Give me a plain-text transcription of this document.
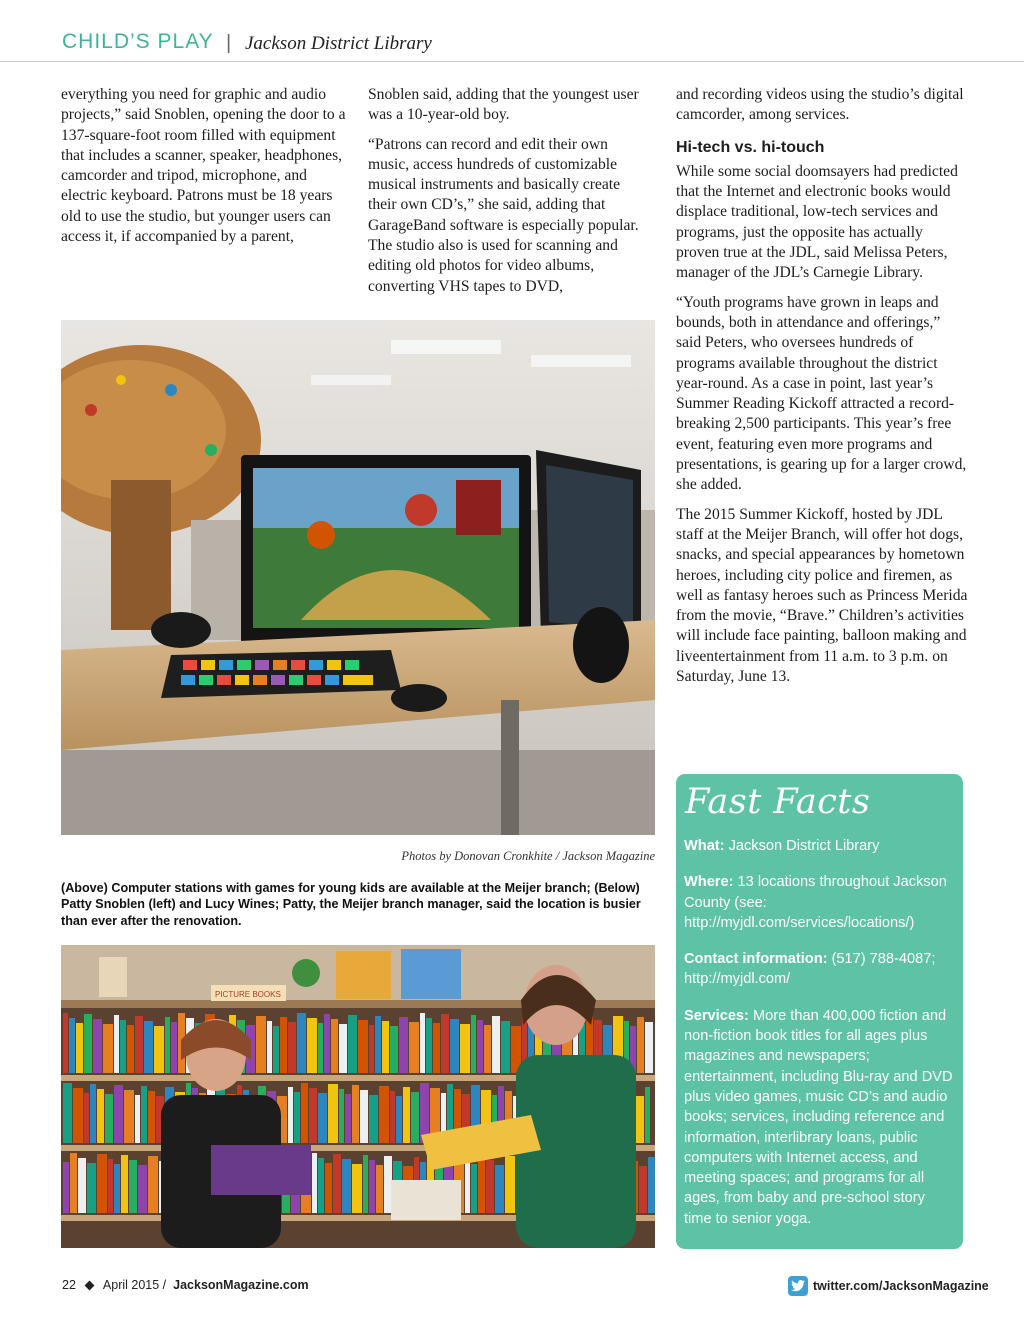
CHILD’S PLAY | Jackson District Library

everything you need for graphic and audio projects,” said Snoblen, opening the door to a 137-square-foot room filled with equipment that includes a scanner, speaker, headphones, camcorder and tripod, microphone, and electric keyboard. Patrons must be 18 years old to use the studio, but younger users can access it, if accompanied by a parent,

Snoblen said, adding that the youngest user was a 10-year-old boy.

“Patrons can record and edit their own music, access hundreds of customizable musical instruments and basically create their own CD’s,” she said, adding that GarageBand software is especially popular. The studio also is used for scanning and editing old photos for video albums, converting VHS tapes to DVD,

and recording videos using the studio’s digital camcorder, among services.

Hi-tech vs. hi-touch

While some social doomsayers had predicted that the Internet and electronic books would displace traditional, low-tech services and programs, just the opposite has actually proven true at the JDL, said Melissa Peters, manager of the JDL’s Carnegie Library.

“Youth programs have grown in leaps and bounds, both in attendance and offerings,” said Peters, who oversees hundreds of programs available throughout the district year-round. As a case in point, last year’s Summer Reading Kickoff attracted a record-breaking 2,500 participants. This year’s free event, featuring even more programs and presentations, is gearing up for a larger crowd, she added.

The 2015 Summer Kickoff, hosted by JDL staff at the Meijer Branch, will offer hot dogs, snacks, and special appearances by hometown heroes, including city police and firemen, as well as fantasy heroes such as Princess Merida from the movie, “Brave.” Children’s activities will include face painting, balloon making and liveentertainment from 11 a.m. to 3 p.m. on Saturday, June 13.

Photos by Donovan Cronkhite / Jackson Magazine
(Above) Computer stations with games for young kids are available at the Meijer branch; (Below) Patty Snoblen (left) and Lucy Wines; Patty, the Meijer branch manager, said the location is busier than ever after the renovation.
PICTURE BOOKS
Fast Facts

What: Jackson District Library

Where: 13 locations throughout Jackson County (see: http://myjdl.com/services/locations/)

Contact information: (517) 788-4087; http://myjdl.com/

Services: More than 400,000 fiction and non-fiction book titles for all ages plus magazines and newspapers; entertainment, including Blu-ray and DVD plus video games, music CD’s and audio books; services, including reference and information, interlibrary loans, public computers with Internet access, and meeting spaces; and programs for all ages, from baby and pre-school story time to senior yoga.

22 April 2015 / JacksonMagazine.com	twitter.com/JacksonMagazine
